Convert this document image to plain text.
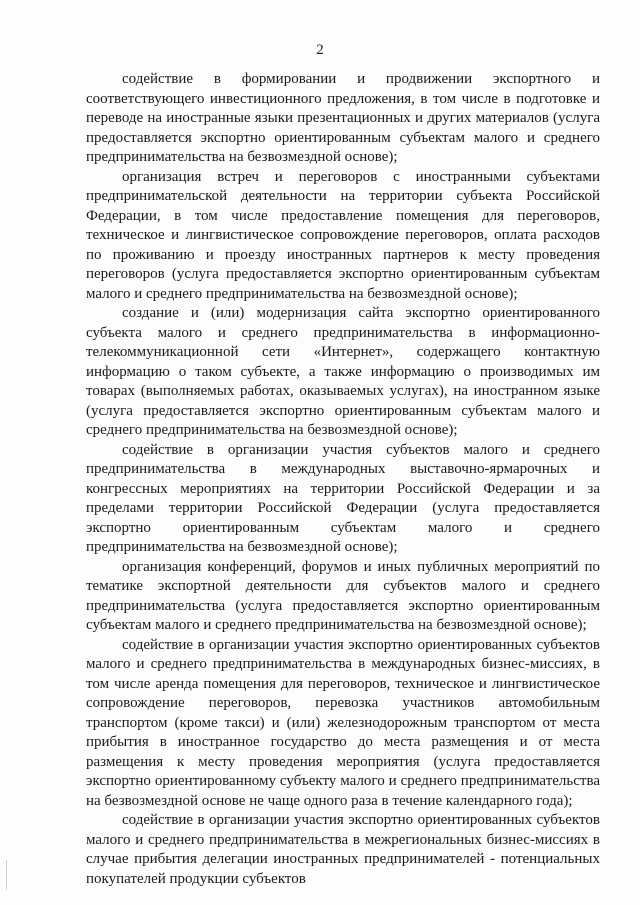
2

содействие в формировании и продвижении экспортного и соответствующего инвестиционного предложения, в том числе в подготовке и переводе на иностранные языки презентационных и других материалов (услуга предоставляется экспортно ориентированным субъектам малого и среднего предпринимательства на безвозмездной основе);

организация встреч и переговоров с иностранными субъектами предпринимательской деятельности на территории субъекта Российской Федерации, в том числе предоставление помещения для переговоров, техническое и лингвистическое сопровождение переговоров, оплата расходов по проживанию и проезду иностранных партнеров к месту проведения переговоров (услуга предоставляется экспортно ориентированным субъектам малого и среднего предпринимательства на безвозмездной основе);

создание и (или) модернизация сайта экспортно ориентированного субъекта малого и среднего предпринимательства в информационно-телекоммуникационной сети «Интернет», содержащего контактную информацию о таком субъекте, а также информацию о производимых им товарах (выполняемых работах, оказываемых услугах), на иностранном языке (услуга предоставляется экспортно ориентированным субъектам малого и среднего предпринимательства на безвозмездной основе);

содействие в организации участия субъектов малого и среднего предпринимательства в международных выставочно-ярмарочных и конгрессных мероприятиях на территории Российской Федерации и за пределами территории Российской Федерации (услуга предоставляется экспортно ориентированным субъектам малого и среднего предпринимательства на безвозмездной основе);

организация конференций, форумов и иных публичных мероприятий по тематике экспортной деятельности для субъектов малого и среднего предпринимательства (услуга предоставляется экспортно ориентированным субъектам малого и среднего предпринимательства на безвозмездной основе);

содействие в организации участия экспортно ориентированных субъектов малого и среднего предпринимательства в международных бизнес-миссиях, в том числе аренда помещения для переговоров, техническое и лингвистическое сопровождение переговоров, перевозка участников автомобильным транспортом (кроме такси) и (или) железнодорожным транспортом от места прибытия в иностранное государство до места размещения и от места размещения к месту проведения мероприятия (услуга предоставляется экспортно ориентированному субъекту малого и среднего предпринимательства на безвозмездной основе не чаще одного раза в течение календарного года);

содействие в организации участия экспортно ориентированных субъектов малого и среднего предпринимательства в межрегиональных бизнес-миссиях в случае прибытия делегации иностранных предпринимателей - потенциальных покупателей продукции субъектов
